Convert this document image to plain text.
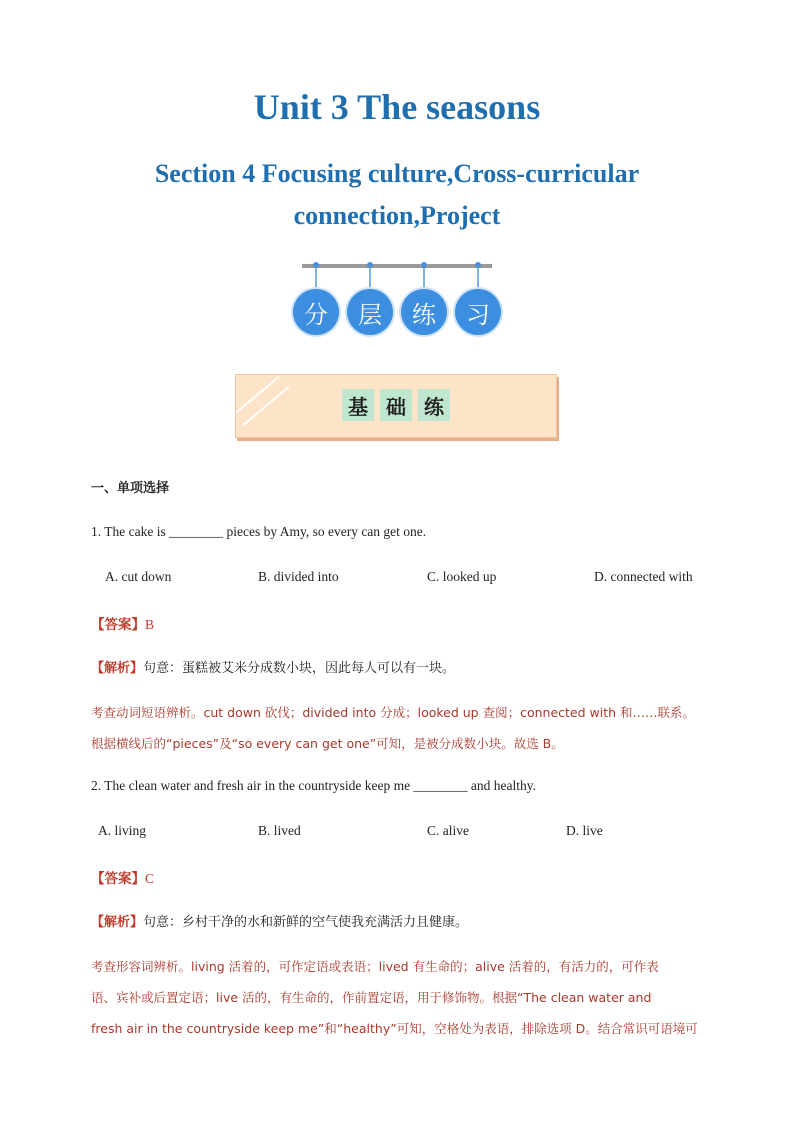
Unit 3 The seasons
Section 4 Focusing culture,Cross-curricular
connection,Project
分	层	练	习
基 础 练
一、单项选择
1. The cake is ________ pieces by Amy, so every can get one.
A. cut down	B. divided into	C. looked up	D. connected with
【答案】B
【解析】句意：蛋糕被艾米分成数小块，因此每人可以有一块。
考查动词短语辨析。cut down 砍伐；divided into 分成；looked up 查阅；connected with 和……联系。
根据横线后的“pieces”及“so every can get one”可知，是被分成数小块。故选 B。
2. The clean water and fresh air in the countryside keep me ________ and healthy.
A. living	B. lived	C. alive	D. live
【答案】C
【解析】句意：乡村干净的水和新鲜的空气使我充满活力且健康。
考查形容词辨析。living 活着的，可作定语或表语；lived 有生命的；alive 活着的，有活力的，可作表
语、宾补或后置定语；live 活的，有生命的，作前置定语，用于修饰物。根据“The clean water and
fresh air in the countryside keep me”和“healthy”可知，空格处为表语，排除选项 D。结合常识可语境可
